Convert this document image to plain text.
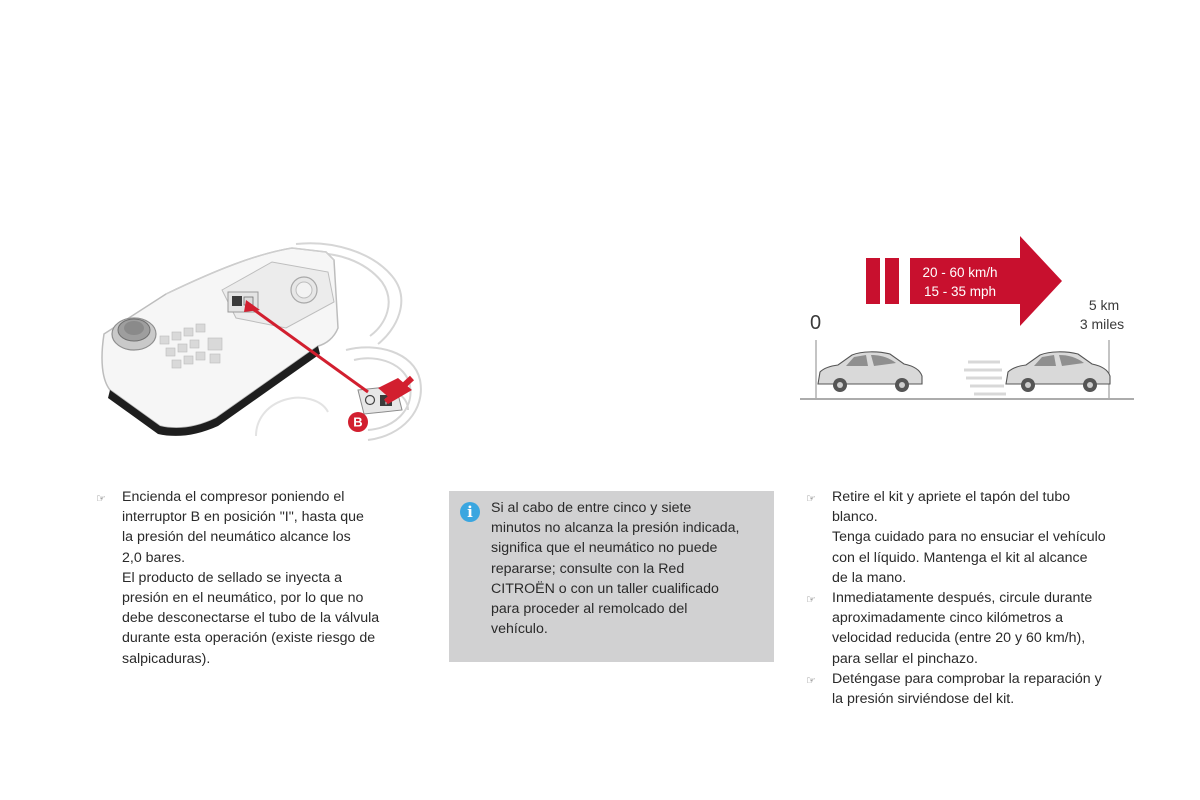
B
20 - 60 km/h
15 - 35 mph
0
5 km
3 miles
☞ Encienda el compresor poniendo el
interruptor B en posición "I", hasta que
la presión del neumático alcance los
2,0 bares.
El producto de sellado se inyecta a
presión en el neumático, por lo que no
debe desconectarse el tubo de la válvula
durante esta operación (existe riesgo de
salpicaduras).
i	Si al cabo de entre cinco y siete
minutos no alcanza la presión indicada,
significa que el neumático no puede
repararse; consulte con la Red
CITROËN o con un taller cualificado
para proceder al remolcado del
vehículo.
☞ Retire el kit y apriete el tapón del tubo
blanco.
Tenga cuidado para no ensuciar el vehículo
con el líquido. Mantenga el kit al alcance
de la mano.
☞ Inmediatamente después, circule durante
aproximadamente cinco kilómetros a
velocidad reducida (entre 20 y 60 km/h),
para sellar el pinchazo.
☞ Deténgase para comprobar la reparación y
la presión sirviéndose del kit.
